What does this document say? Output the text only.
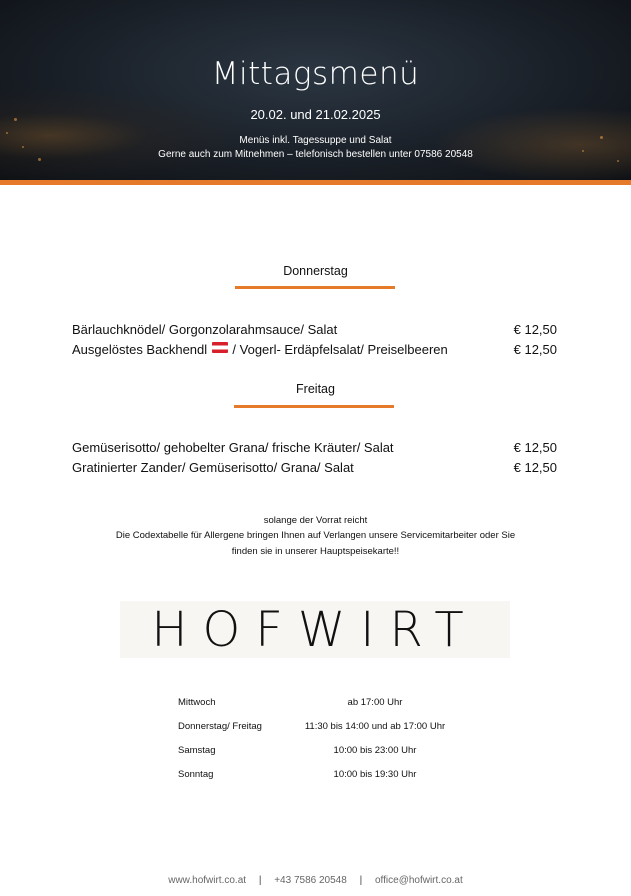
Mittagsmenü
20.02. und 21.02.2025
Menüs inkl. Tagessuppe und Salat
Gerne auch zum Mitnehmen – telefonisch bestellen unter 07586 20548
Donnerstag
Bärlauchknödel/ Gorgonzolarahmsauce/ Salat	€ 12,50
Ausgelöstes Backhendl / Vogerl- Erdäpfelsalat/ Preiselbeeren	€ 12,50
Freitag
Gemüserisotto/ gehobelter Grana/ frische Kräuter/ Salat	€ 12,50
Gratinierter Zander/ Gemüserisotto/ Grana/ Salat	€ 12,50
solange der Vorrat reicht
Die Codextabelle für Allergene bringen Ihnen auf Verlangen unsere Servicemitarbeiter oder Sie
finden sie in unserer Hauptspeisekarte!!
HOFWIRT
Mittwoch	ab 17:00 Uhr
Donnerstag/ Freitag	11:30 bis 14:00 und ab 17:00 Uhr
Samstag	10:00 bis 23:00 Uhr
Sonntag	10:00 bis 19:30 Uhr
www.hofwirt.co.at | +43 7586 20548 | office@hofwirt.co.at
